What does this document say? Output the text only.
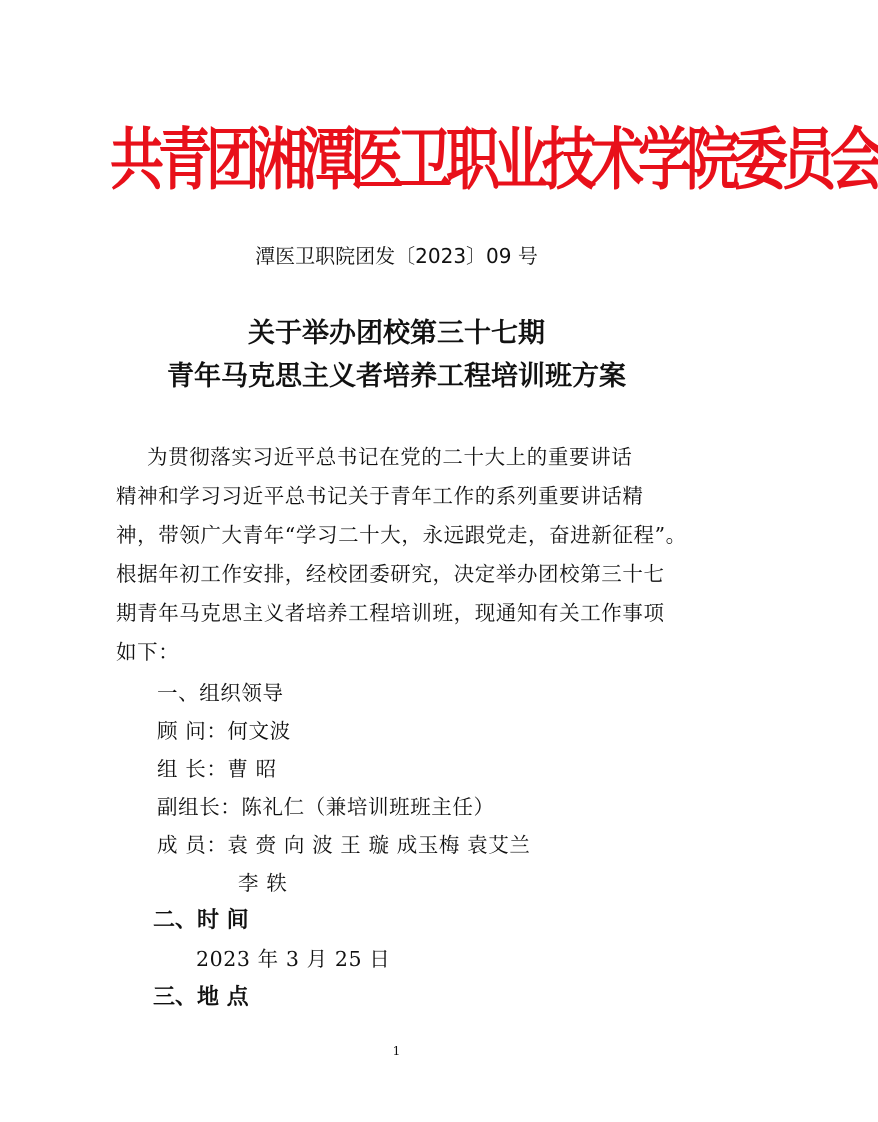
共青团湘潭医卫职业技术学院委员会
潭医卫职院团发〔2023〕09 号
关于举办团校第三十七期
青年马克思主义者培养工程培训班方案
为贯彻落实习近平总书记在党的二十大上的重要讲话
精神和学习习近平总书记关于青年工作的系列重要讲话精
神，带领广大青年“学习二十大，永远跟党走，奋进新征程”。
根据年初工作安排，经校团委研究，决定举办团校第三十七
期青年马克思主义者培养工程培训班，现通知有关工作事项
如下：
一、组织领导
顾 问：何文波
组 长：曹 昭
副组长：陈礼仁（兼培训班班主任）
成 员：袁 赍 向 波 王 璇 成玉梅 袁艾兰
李 轶
二、时 间
2023 年 3 月 25 日
三、地 点
1
